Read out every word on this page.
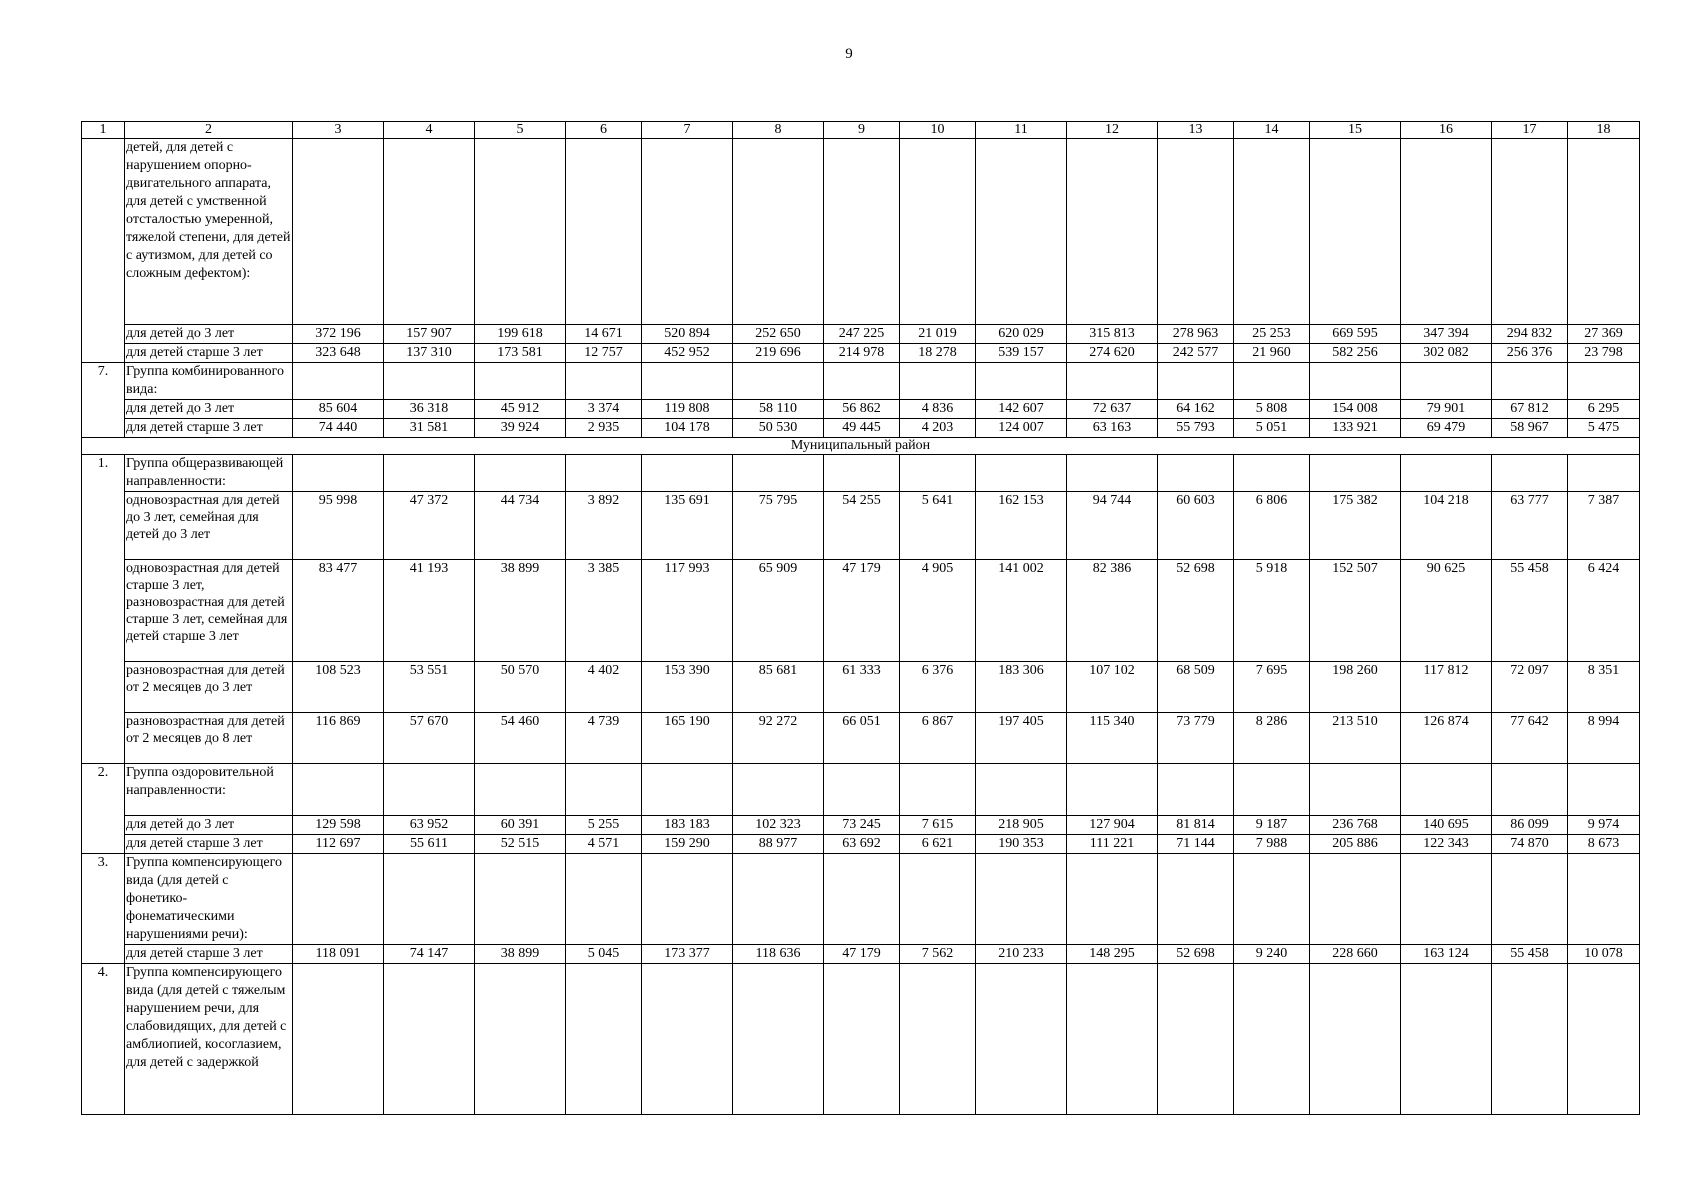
9
1	2	3	4	5	6	7	8	9	10	11	12	13	14	15	16	17	18
	детей, для детей с нарушением опорно-двигательного аппарата, для детей с умственной отсталостью умеренной, тяжелой степени, для детей с аутизмом, для детей со сложным дефектом):																
	для детей до 3 лет	372 196	157 907	199 618	14 671	520 894	252 650	247 225	21 019	620 029	315 813	278 963	25 253	669 595	347 394	294 832	27 369
	для детей старше 3 лет	323 648	137 310	173 581	12 757	452 952	219 696	214 978	18 278	539 157	274 620	242 577	21 960	582 256	302 082	256 376	23 798
7.	Группа комбинированного вида:																
	для детей до 3 лет	85 604	36 318	45 912	3 374	119 808	58 110	56 862	4 836	142 607	72 637	64 162	5 808	154 008	79 901	67 812	6 295
	для детей старше 3 лет	74 440	31 581	39 924	2 935	104 178	50 530	49 445	4 203	124 007	63 163	55 793	5 051	133 921	69 479	58 967	5 475
Муниципальный район																	
1.	Группа общеразвивающей направленности:																
	одновозрастная для детей до 3 лет, семейная для детей до 3 лет	95 998	47 372	44 734	3 892	135 691	75 795	54 255	5 641	162 153	94 744	60 603	6 806	175 382	104 218	63 777	7 387
	одновозрастная для детей старше 3 лет, разновозрастная для детей старше 3 лет, семейная для детей старше 3 лет	83 477	41 193	38 899	3 385	117 993	65 909	47 179	4 905	141 002	82 386	52 698	5 918	152 507	90 625	55 458	6 424
	разновозрастная для детей от 2 месяцев до 3 лет	108 523	53 551	50 570	4 402	153 390	85 681	61 333	6 376	183 306	107 102	68 509	7 695	198 260	117 812	72 097	8 351
	разновозрастная для детей от 2 месяцев до 8 лет	116 869	57 670	54 460	4 739	165 190	92 272	66 051	6 867	197 405	115 340	73 779	8 286	213 510	126 874	77 642	8 994
2.	Группа оздоровительной направленности:																
	для детей до 3 лет	129 598	63 952	60 391	5 255	183 183	102 323	73 245	7 615	218 905	127 904	81 814	9 187	236 768	140 695	86 099	9 974
	для детей старше 3 лет	112 697	55 611	52 515	4 571	159 290	88 977	63 692	6 621	190 353	111 221	71 144	7 988	205 886	122 343	74 870	8 673
3.	Группа компенсирующего вида (для детей с фонетико-фонематическими нарушениями речи):																
	для детей старше 3 лет	118 091	74 147	38 899	5 045	173 377	118 636	47 179	7 562	210 233	148 295	52 698	9 240	228 660	163 124	55 458	10 078
4.	Группа компенсирующего вида (для детей с тяжелым нарушением речи, для слабовидящих, для детей с амблиопией, косоглазием, для детей с задержкой																
